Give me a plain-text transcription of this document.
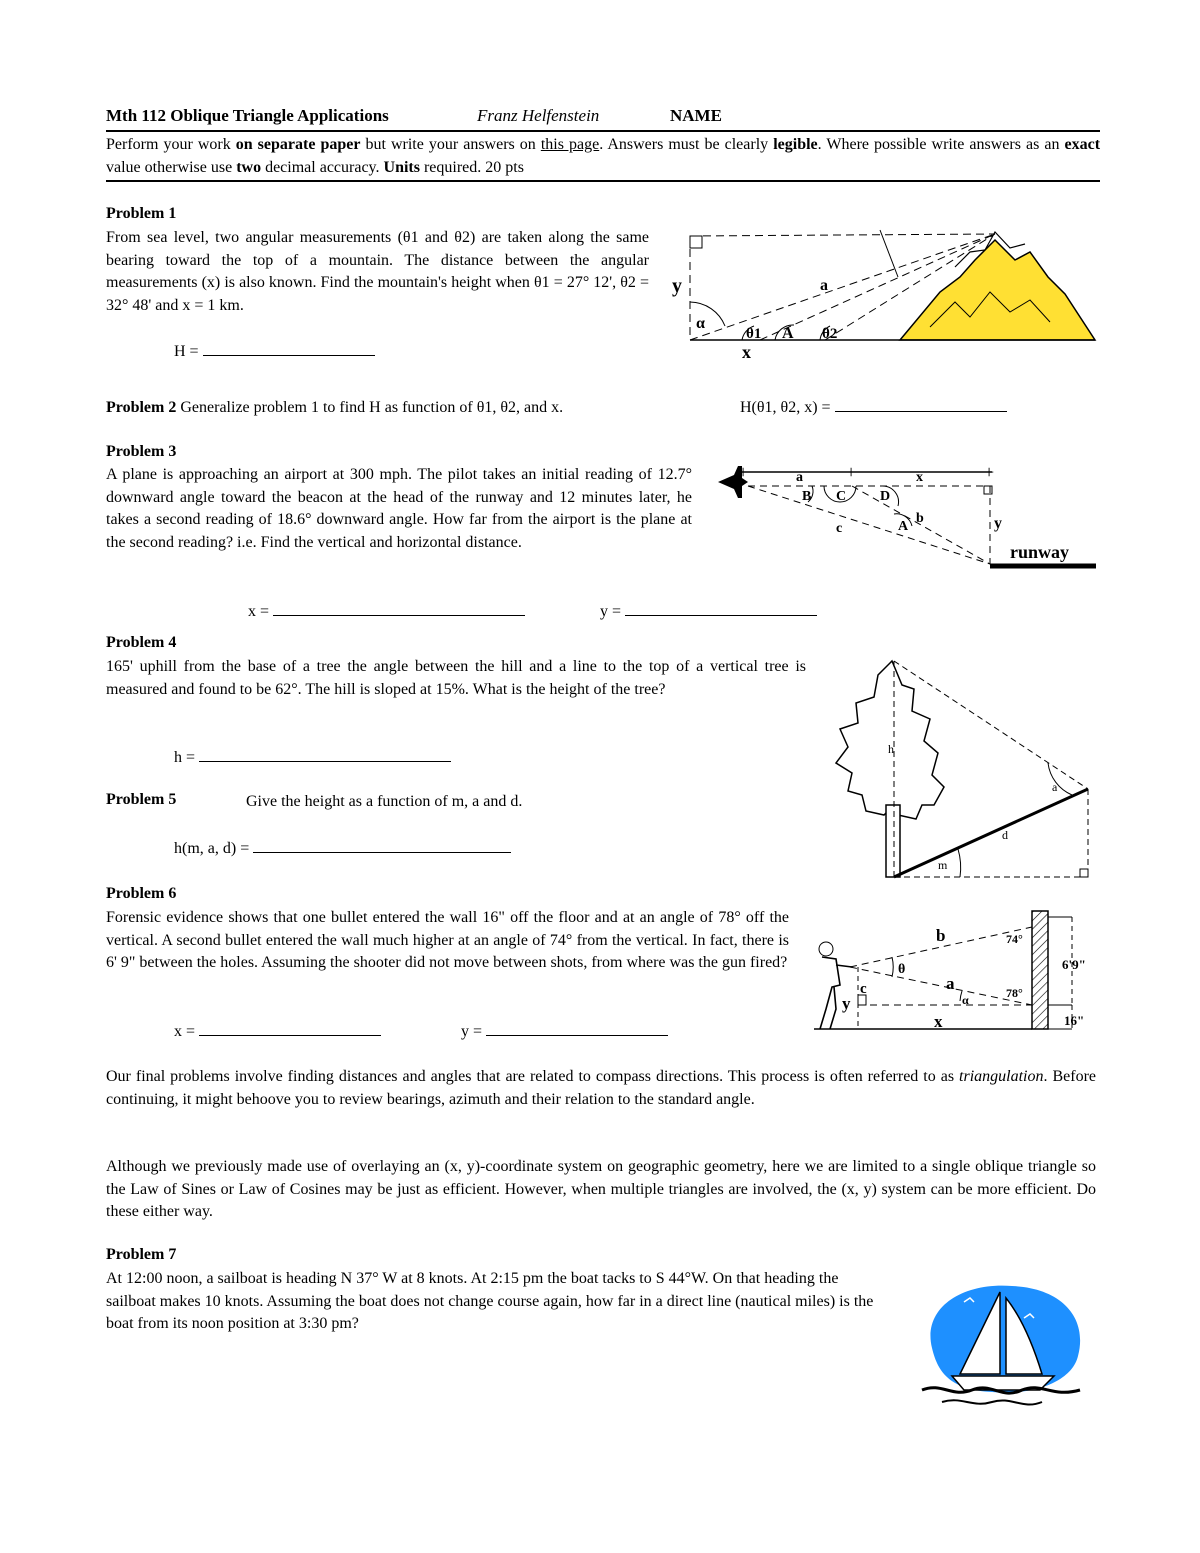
Mth 112 Oblique Triangle Applications	Franz Helfenstein	NAME
Perform your work on separate paper but write your answers on this page. Answers must be clearly legible. Where possible write answers as an exact value otherwise use two decimal accuracy. Units required. 20 pts
Problem 1
From sea level, two angular measurements (θ1 and θ2) are taken along the same bearing toward the top of a mountain. The distance between the angular measurements (x) is also known. Find the mountain's height when θ1 = 27° 12', θ2 = 32° 48' and x = 1 km.
H =
y	a
α
θ1 A θ2
x
Problem 2 Generalize problem 1 to find H as function of θ1, θ2, and x.	H(θ1, θ2, x) =
Problem 3
A plane is approaching an airport at 300 mph. The pilot takes an initial reading of 12.7° downward angle toward the beacon at the head of the runway and 12 minutes later, he takes a second reading of 18.6° downward angle. How far from the airport is the plane at the second reading? i.e. Find the vertical and horizontal distance.
x =	y =
+	+	+
a	x
B C D
c	A
b	y
runway
Problem 4
165' uphill from the base of a tree the angle between the hill and a line to the top of a vertical tree is measured and found to be 62°. The hill is sloped at 15%. What is the height of the tree?
h =
Problem 5	Give the height as a function of m, a and d.
h(m, a, d) =
h
a
d
m
Problem 6
Forensic evidence shows that one bullet entered the wall 16" off the floor and at an angle of 78° off the vertical. A second bullet entered the wall much higher at an angle of 74° from the vertical. In fact, there is 6' 9" between the holes. Assuming the shooter did not move between shots, from where was the gun fired?
x =	y =
b	74°
6'9"
θ
a
c
α	78°
y
x	16"
Our final problems involve finding distances and angles that are related to compass directions. This process is often referred to as triangulation. Before continuing, it might behoove you to review bearings, azimuth and their relation to the standard angle.
Although we previously made use of overlaying an (x, y)-coordinate system on geographic geometry, here we are limited to a single oblique triangle so the Law of Sines or Law of Cosines may be just as efficient. However, when multiple triangles are involved, the (x, y) system can be more efficient. Do these either way.
Problem 7
At 12:00 noon, a sailboat is heading N 37° W at 8 knots. At 2:15 pm the boat tacks to S 44°W. On that heading the sailboat makes 10 knots. Assuming the boat does not change course again, how far in a direct line (nautical miles) is the boat from its noon position at 3:30 pm?
